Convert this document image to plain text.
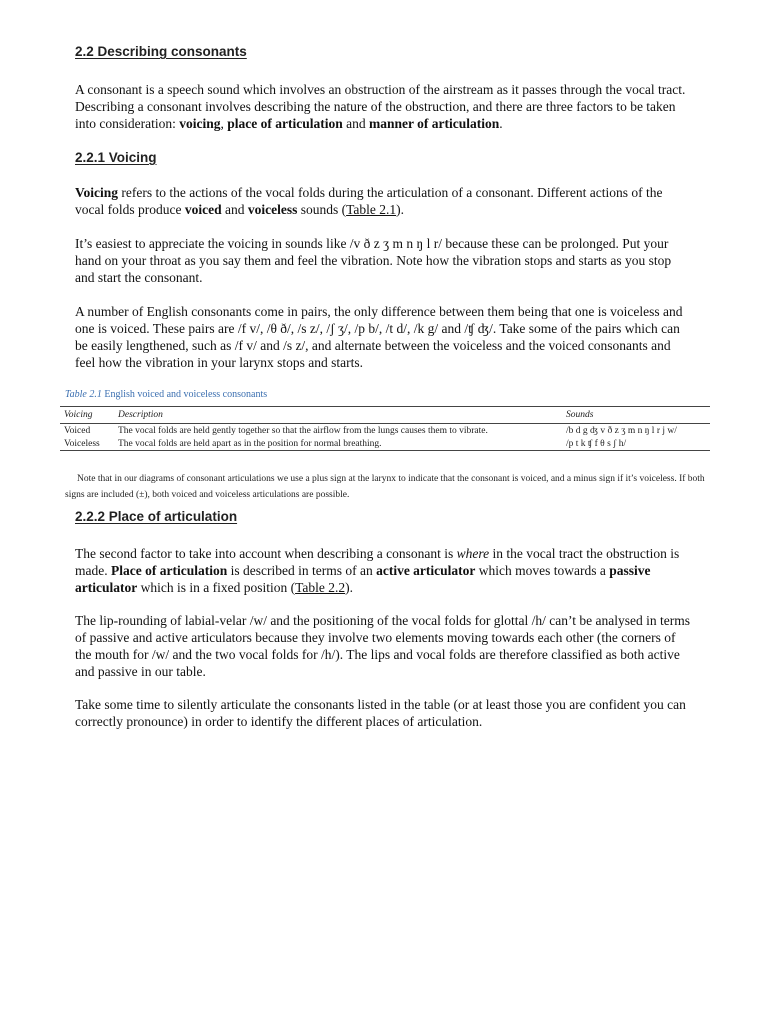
2.2 Describing consonants

A consonant is a speech sound which involves an obstruction of the airstream as it passes through the vocal tract. Describing a consonant involves describing the nature of the obstruction, and there are three factors to be taken into consideration: voicing, place of articulation and manner of articulation.

2.2.1 Voicing

Voicing refers to the actions of the vocal folds during the articulation of a consonant. Different actions of the vocal folds produce voiced and voiceless sounds (Table 2.1).

It’s easiest to appreciate the voicing in sounds like /v ð z ʒ m n ŋ l r/ because these can be prolonged. Put your hand on your throat as you say them and feel the vibration. Note how the vibration stops and starts as you stop and start the consonant.

A number of English consonants come in pairs, the only difference between them being that one is voiceless and one is voiced. These pairs are /f v/, /θ ð/, /s z/, /ʃ ʒ/, /p b/, /t d/, /k g/ and /ʧ ʤ/. Take some of the pairs which can be easily lengthened, such as /f v/ and /s z/, and alternate between the voiceless and the voiced consonants and feel how the vibration in your larynx stops and starts.

Table 2.1 English voiced and voiceless consonants

Voicing	Description	Sounds
Voiced	The vocal folds are held gently together so that the airflow from the lungs causes them to vibrate.	/b d g ʤ v ð z ʒ m n ŋ l r j w/
Voiceless	The vocal folds are held apart as in the position for normal breathing.	/p t k ʧ f θ s ʃ h/

Note that in our diagrams of consonant articulations we use a plus sign at the larynx to indicate that the consonant is voiced, and a minus sign if it’s voiceless. If both signs are included (±), both voiced and voiceless articulations are possible.

2.2.2 Place of articulation

The second factor to take into account when describing a consonant is where in the vocal tract the obstruction is made. Place of articulation is described in terms of an active articulator which moves towards a passive articulator which is in a fixed position (Table 2.2).

The lip-rounding of labial-velar /w/ and the positioning of the vocal folds for glottal /h/ can’t be analysed in terms of passive and active articulators because they involve two elements moving towards each other (the corners of the mouth for /w/ and the two vocal folds for /h/). The lips and vocal folds are therefore classified as both active and passive in our table.

Take some time to silently articulate the consonants listed in the table (or at least those you are confident you can correctly pronounce) in order to identify the different places of articulation.
